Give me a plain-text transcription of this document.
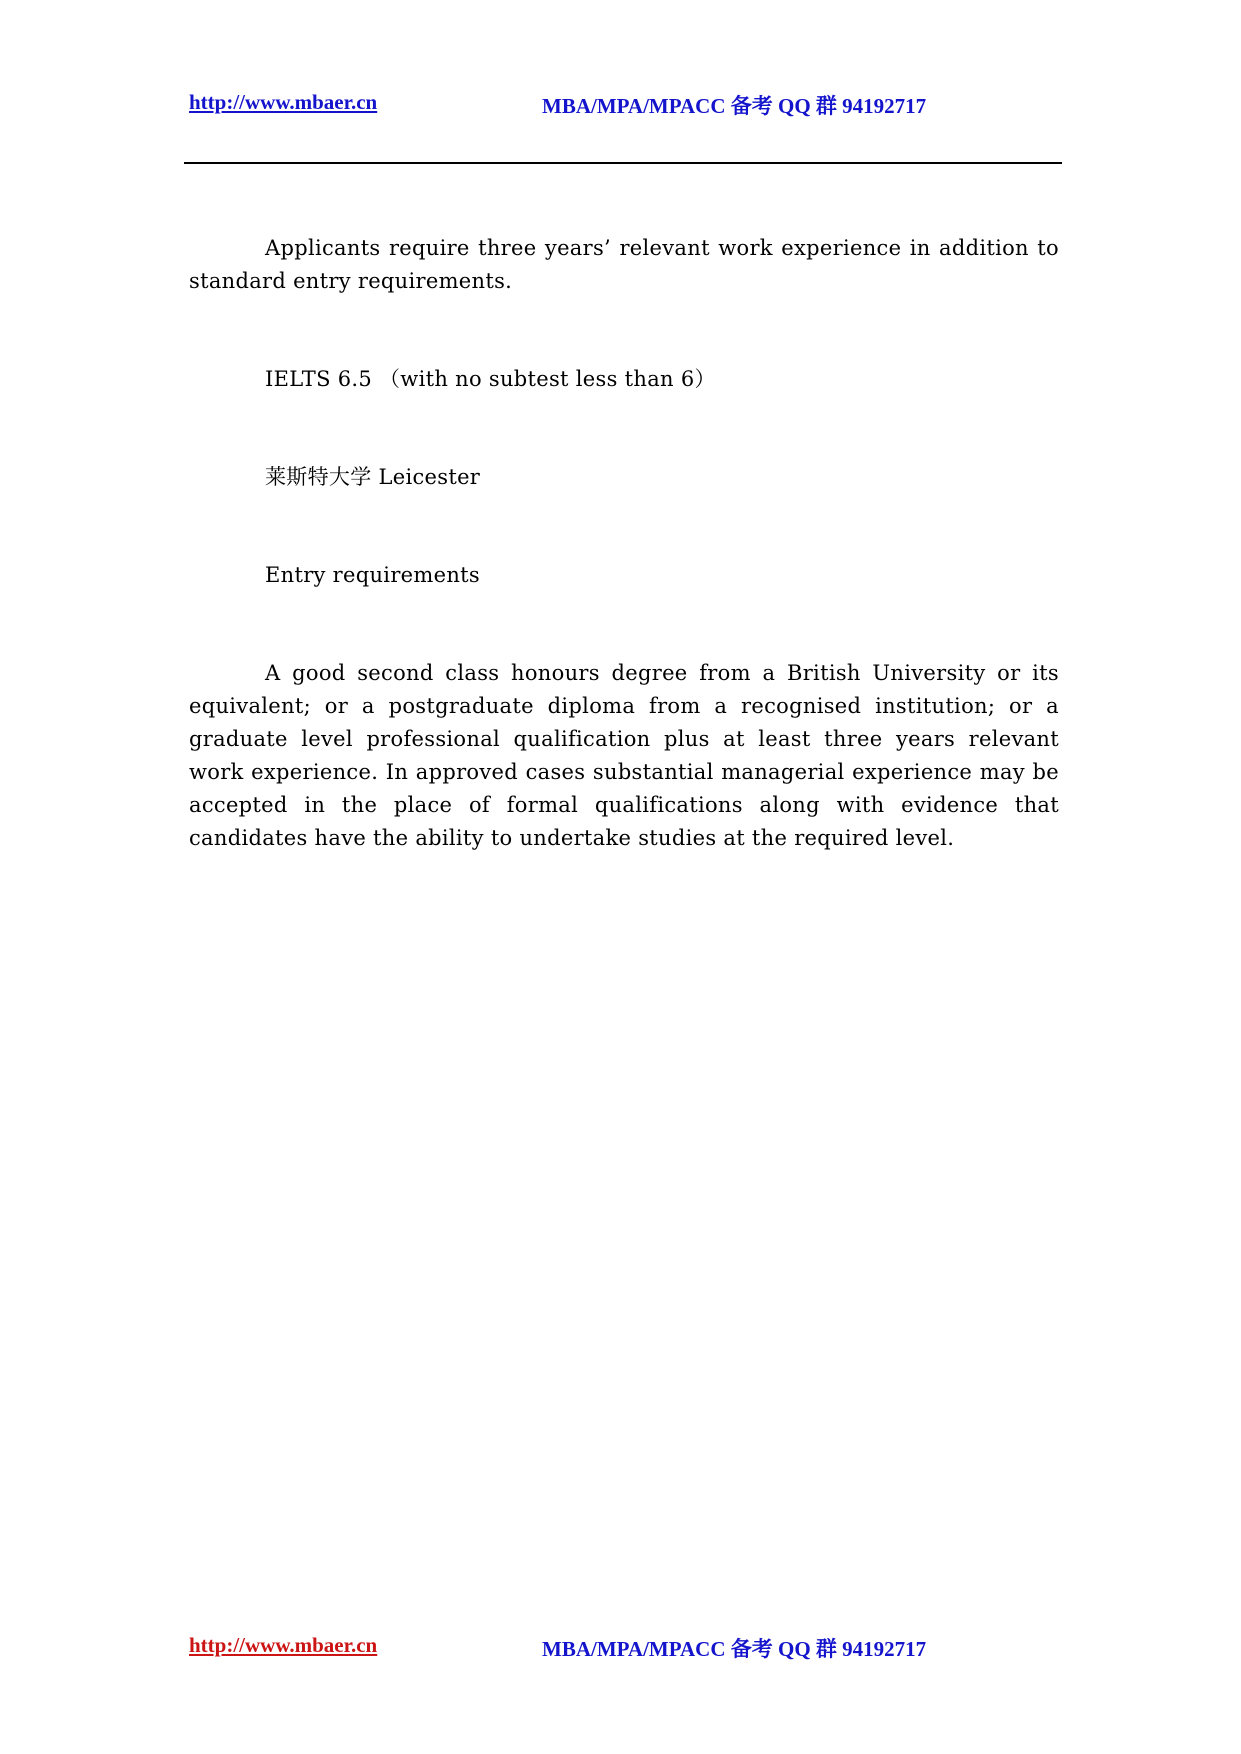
http://www.mbaer.cn	MBA/MPA/MPACC 备考 QQ 群 94192717

Applicants require three years’ relevant work experience in addition to standard entry requirements.

IELTS 6.5 （with no subtest less than 6）

莱斯特大学 Leicester

Entry requirements

A good second class honours degree from a British University or its equivalent; or a postgraduate diploma from a recognised institution; or a graduate level professional qualification plus at least three years relevant work experience. In approved cases substantial managerial experience may be accepted in the place of formal qualifications along with evidence that candidates have the ability to undertake studies at the required level.

http://www.mbaer.cn	MBA/MPA/MPACC 备考 QQ 群 94192717
